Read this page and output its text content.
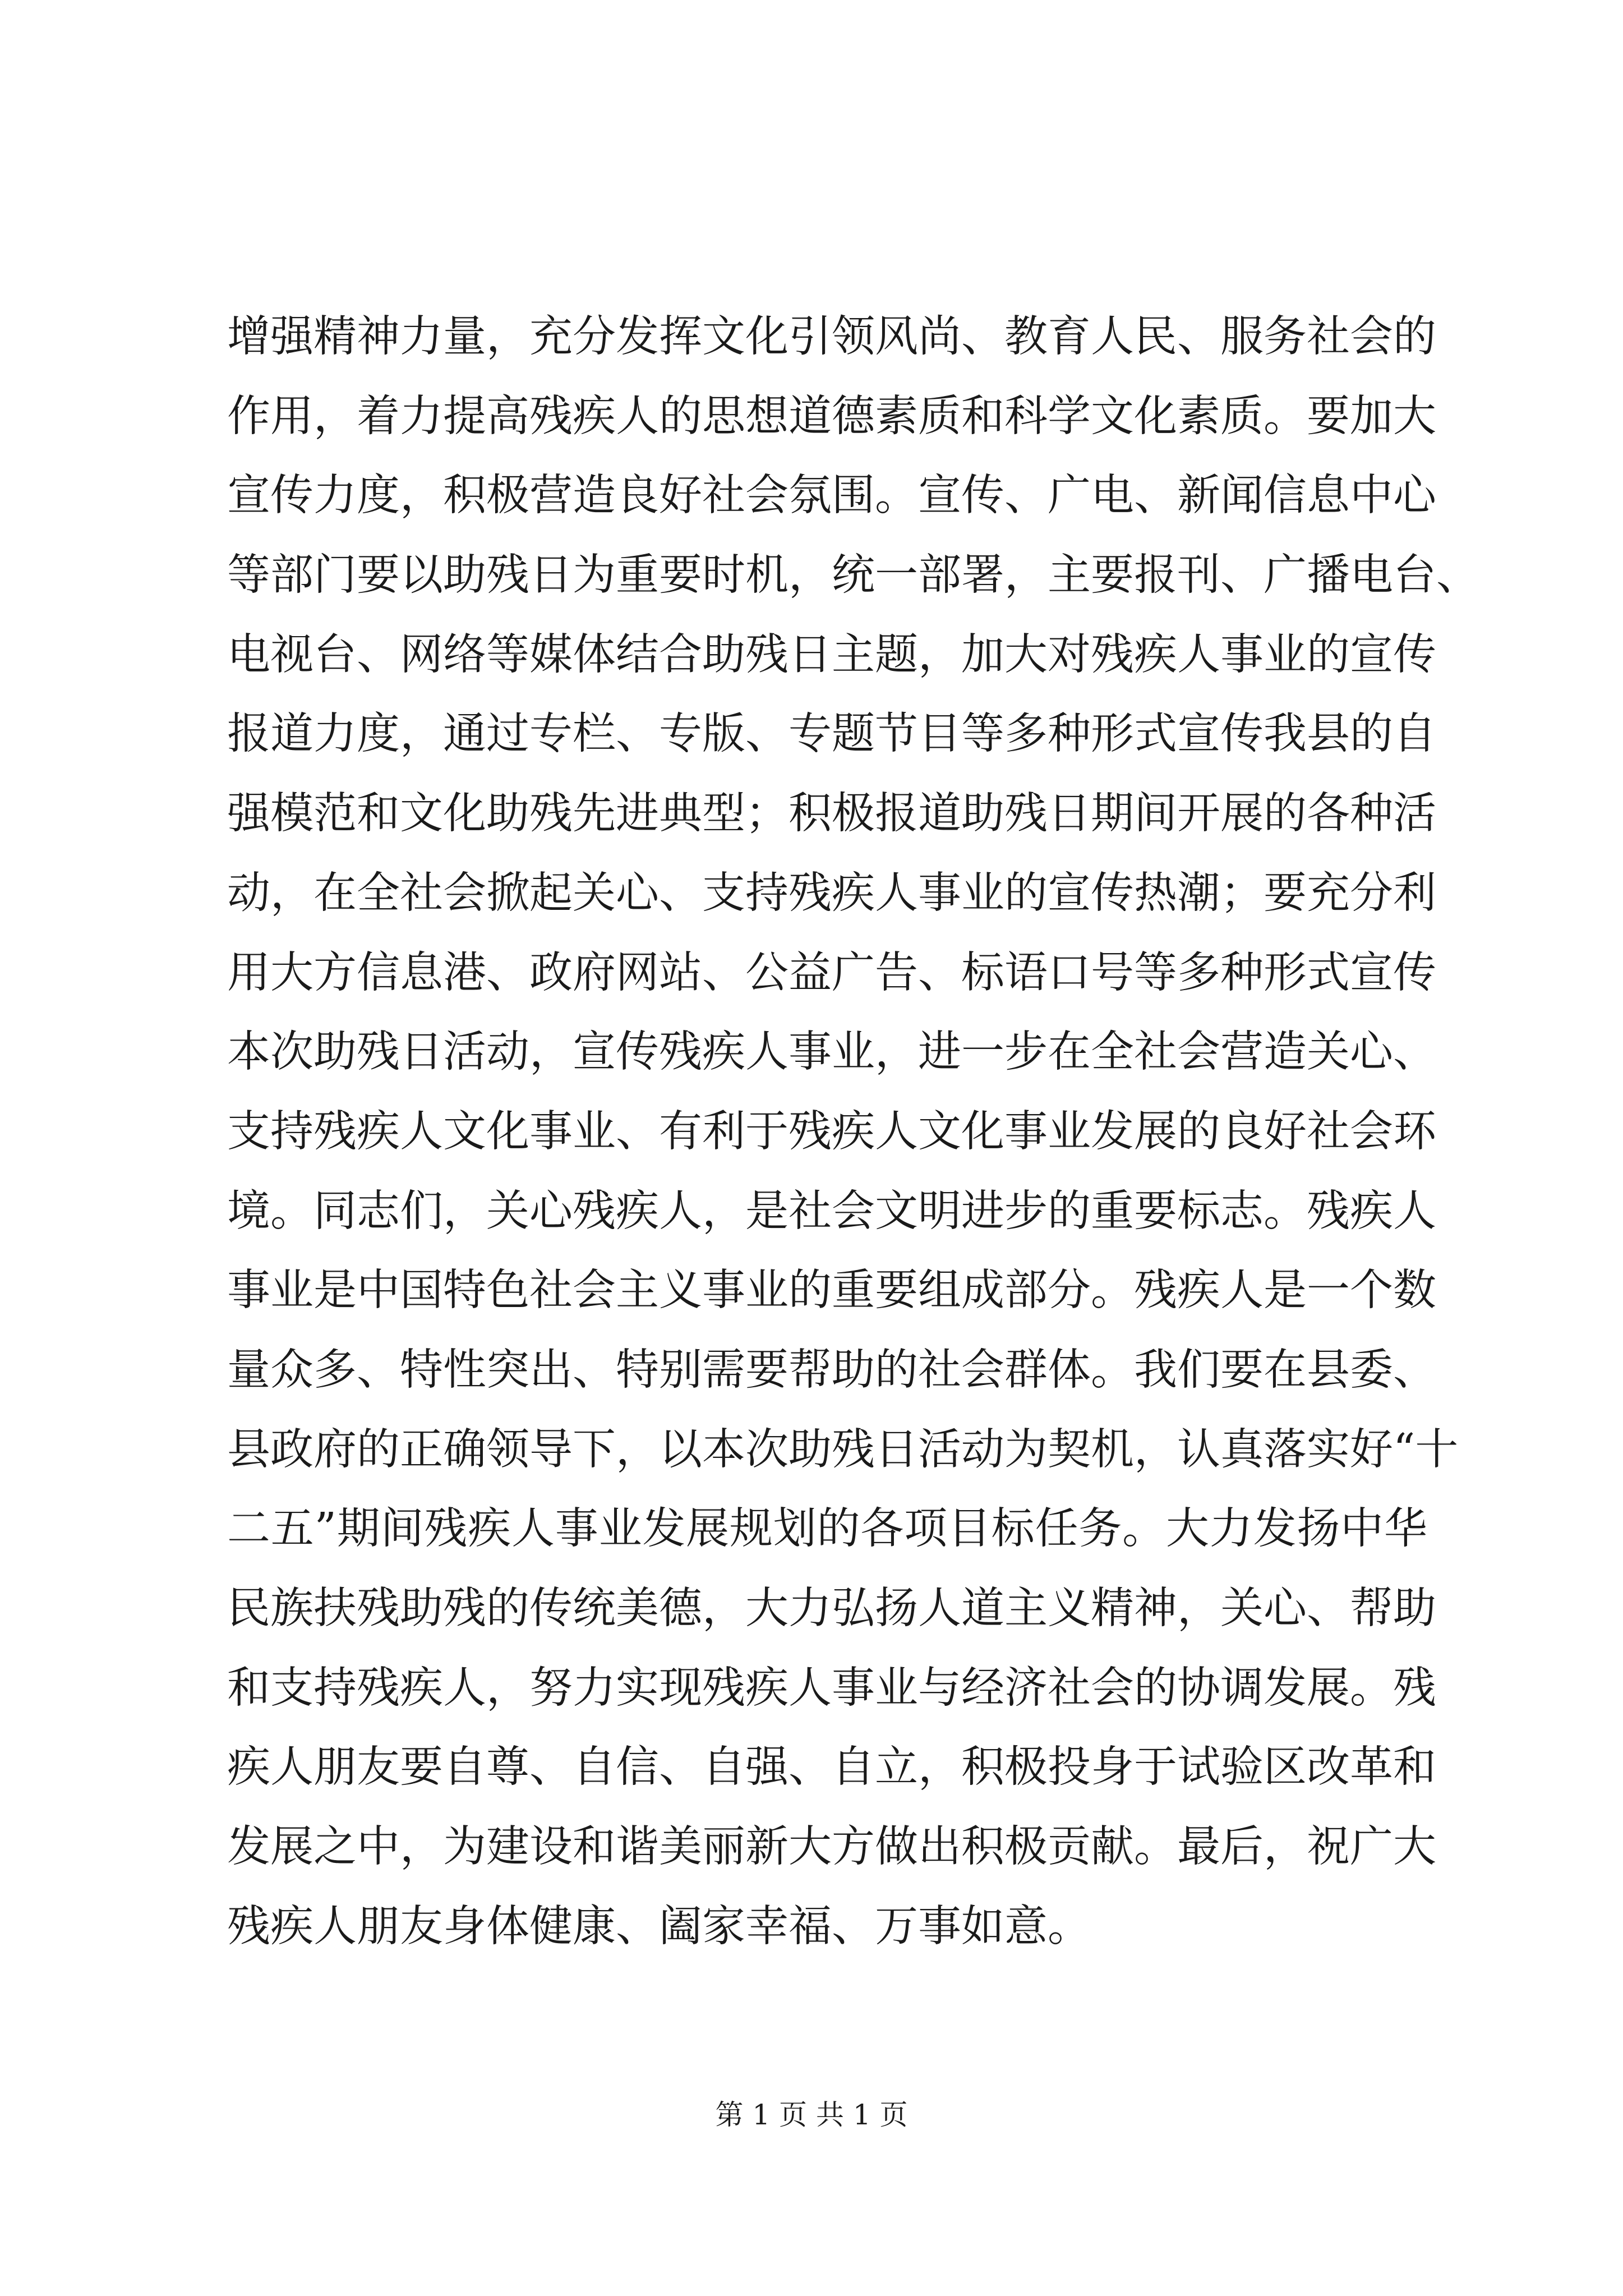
增强精神力量，充分发挥文化引领风尚、教育人民、服务社会的
作用，着力提高残疾人的思想道德素质和科学文化素质。要加大
宣传力度，积极营造良好社会氛围。宣传、广电、新闻信息中心
等部门要以助残日为重要时机，统一部署，主要报刊、广播电台、
电视台、网络等媒体结合助残日主题，加大对残疾人事业的宣传
报道力度，通过专栏、专版、专题节目等多种形式宣传我县的自
强模范和文化助残先进典型；积极报道助残日期间开展的各种活
动，在全社会掀起关心、支持残疾人事业的宣传热潮；要充分利
用大方信息港、政府网站、公益广告、标语口号等多种形式宣传
本次助残日活动，宣传残疾人事业，进一步在全社会营造关心、
支持残疾人文化事业、有利于残疾人文化事业发展的良好社会环
境。同志们，关心残疾人，是社会文明进步的重要标志。残疾人
事业是中国特色社会主义事业的重要组成部分。残疾人是一个数
量众多、特性突出、特别需要帮助的社会群体。我们要在县委、
县政府的正确领导下，以本次助残日活动为契机，认真落实好“十
二五”期间残疾人事业发展规划的各项目标任务。大力发扬中华
民族扶残助残的传统美德，大力弘扬人道主义精神，关心、帮助
和支持残疾人，努力实现残疾人事业与经济社会的协调发展。残
疾人朋友要自尊、自信、自强、自立，积极投身于试验区改革和
发展之中，为建设和谐美丽新大方做出积极贡献。最后，祝广大
残疾人朋友身体健康、阖家幸福、万事如意。
第 1 页 共 1 页
